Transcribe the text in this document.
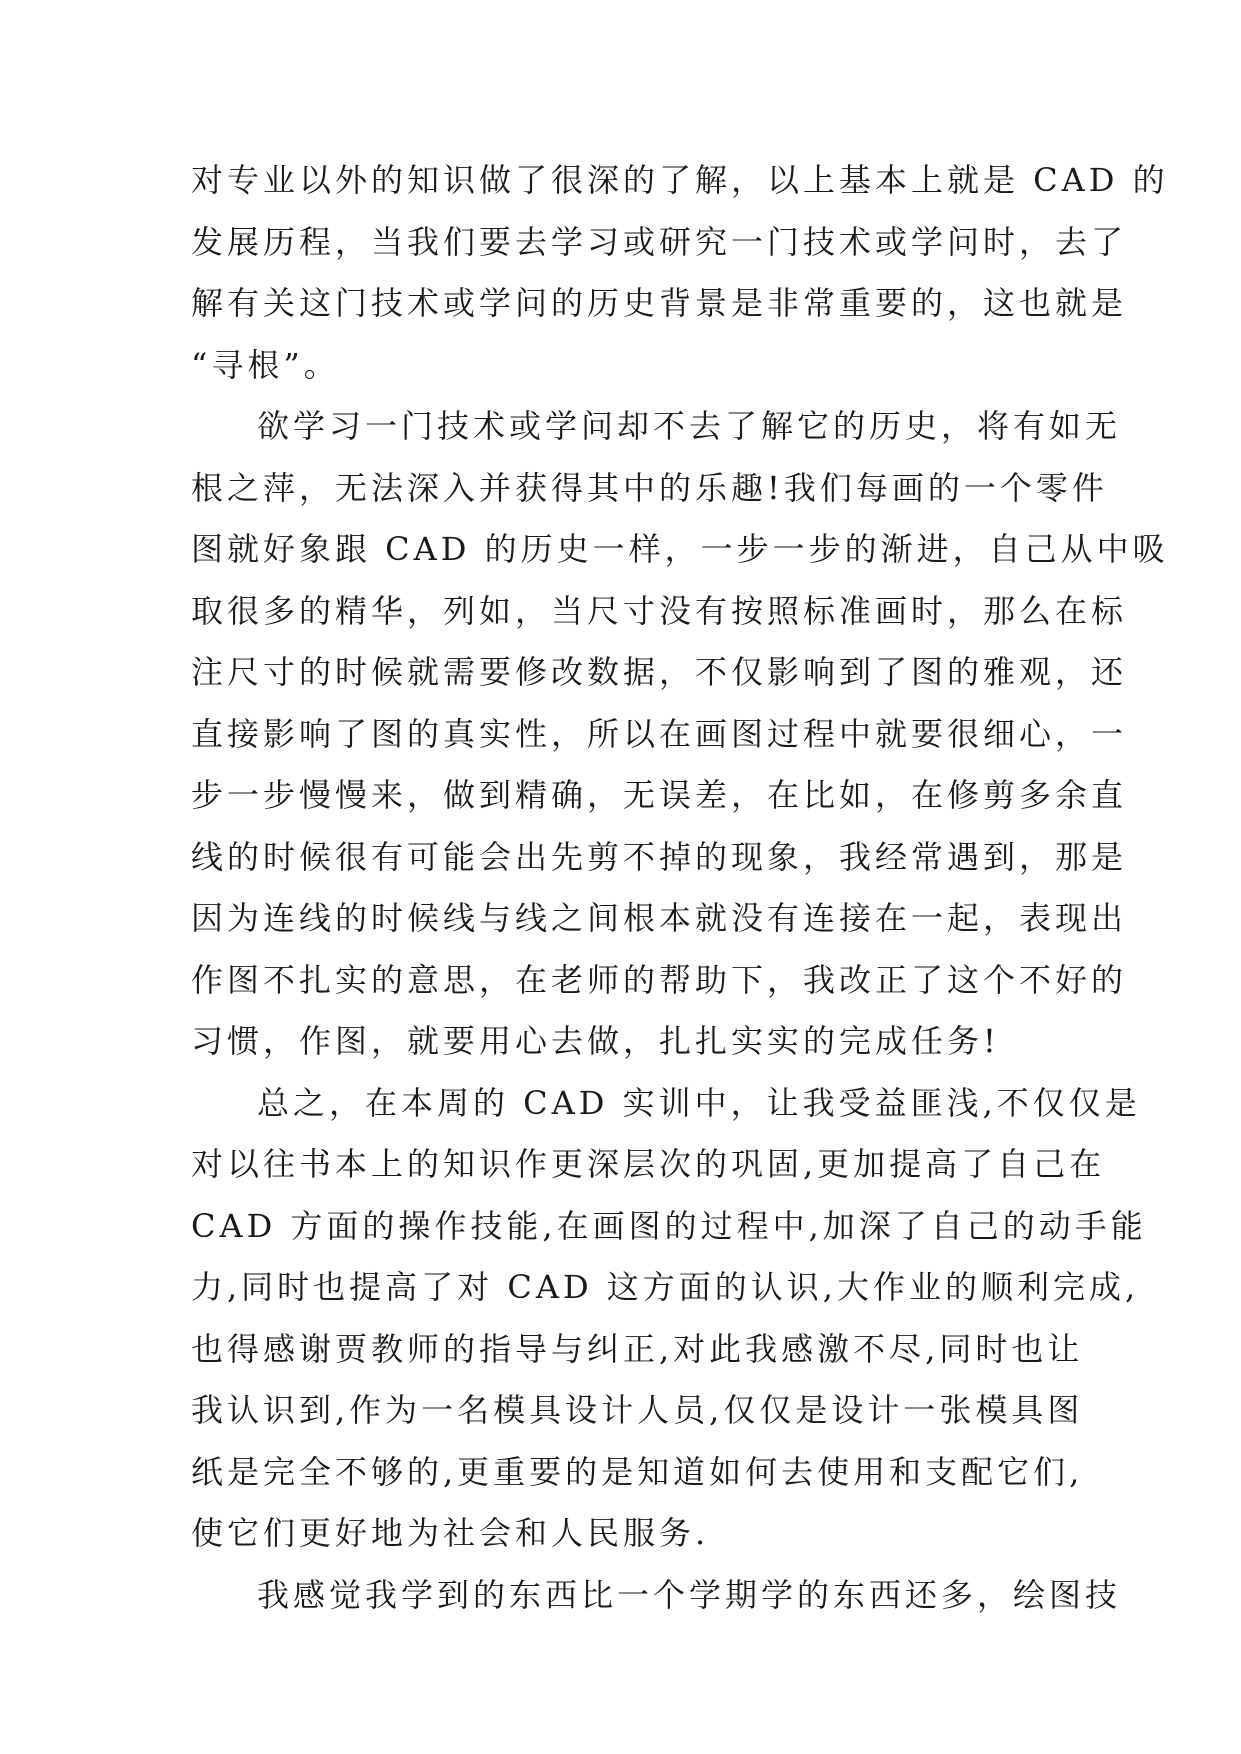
对专业以外的知识做了很深的了解，以上基本上就是 CAD 的
发展历程，当我们要去学习或研究一门技术或学问时，去了
解有关这门技术或学问的历史背景是非常重要的，这也就是
“寻根”。
欲学习一门技术或学问却不去了解它的历史，将有如无
根之萍，无法深入并获得其中的乐趣!我们每画的一个零件
图就好象跟 CAD 的历史一样，一步一步的渐进，自己从中吸
取很多的精华，列如，当尺寸没有按照标准画时，那么在标
注尺寸的时候就需要修改数据，不仅影响到了图的雅观，还
直接影响了图的真实性，所以在画图过程中就要很细心，一
步一步慢慢来，做到精确，无误差，在比如，在修剪多余直
线的时候很有可能会出先剪不掉的现象，我经常遇到，那是
因为连线的时候线与线之间根本就没有连接在一起，表现出
作图不扎实的意思，在老师的帮助下，我改正了这个不好的
习惯，作图，就要用心去做，扎扎实实的完成任务!
总之，在本周的 CAD 实训中，让我受益匪浅,不仅仅是
对以往书本上的知识作更深层次的巩固,更加提高了自己在
CAD 方面的操作技能,在画图的过程中,加深了自己的动手能
力,同时也提高了对 CAD 这方面的认识,大作业的顺利完成,
也得感谢贾教师的指导与纠正,对此我感激不尽,同时也让
我认识到,作为一名模具设计人员,仅仅是设计一张模具图
纸是完全不够的,更重要的是知道如何去使用和支配它们,
使它们更好地为社会和人民服务.
我感觉我学到的东西比一个学期学的东西还多，绘图技
